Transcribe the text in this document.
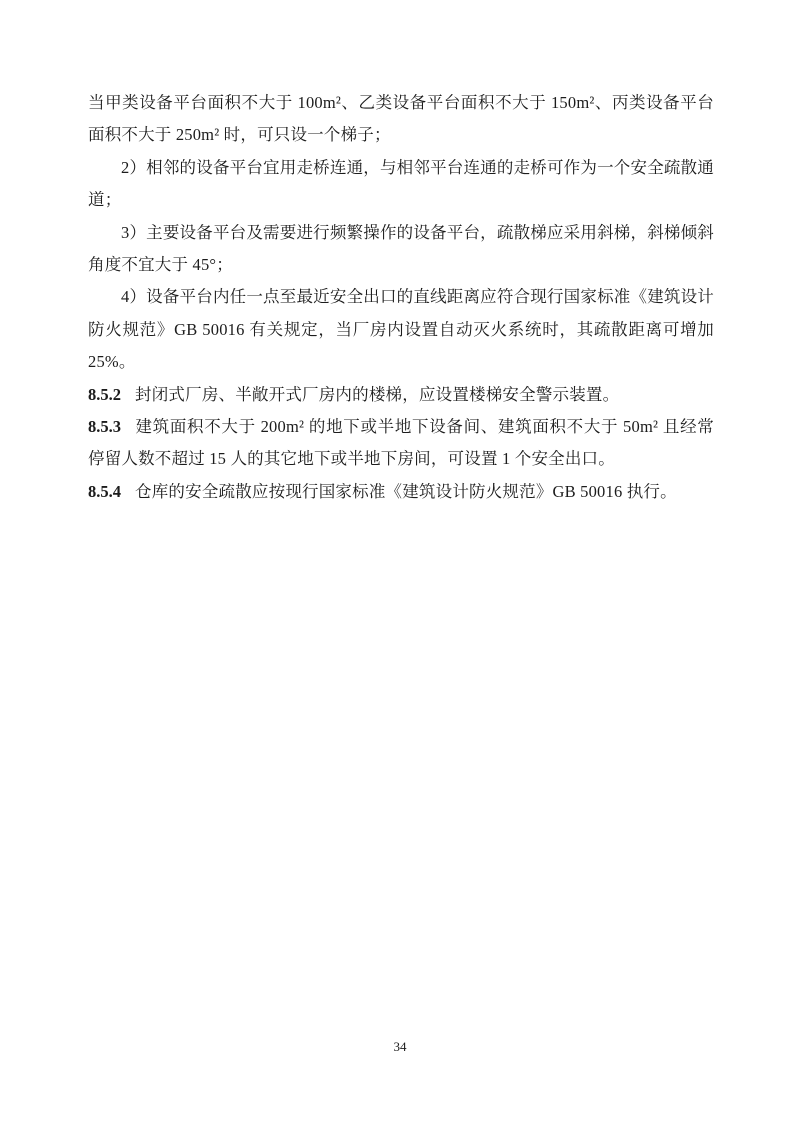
当甲类设备平台面积不大于 100m²、乙类设备平台面积不大于 150m²、丙类设备平台面积不大于 250m² 时，可只设一个梯子；

2）相邻的设备平台宜用走桥连通，与相邻平台连通的走桥可作为一个安全疏散通道；

3）主要设备平台及需要进行频繁操作的设备平台，疏散梯应采用斜梯，斜梯倾斜角度不宜大于 45°；

4）设备平台内任一点至最近安全出口的直线距离应符合现行国家标准《建筑设计防火规范》GB 50016 有关规定，当厂房内设置自动灭火系统时，其疏散距离可增加 25%。

8.5.2 封闭式厂房、半敞开式厂房内的楼梯，应设置楼梯安全警示装置。

8.5.3 建筑面积不大于 200m² 的地下或半地下设备间、建筑面积不大于 50m² 且经常停留人数不超过 15 人的其它地下或半地下房间，可设置 1 个安全出口。

8.5.4 仓库的安全疏散应按现行国家标准《建筑设计防火规范》GB 50016 执行。

34
